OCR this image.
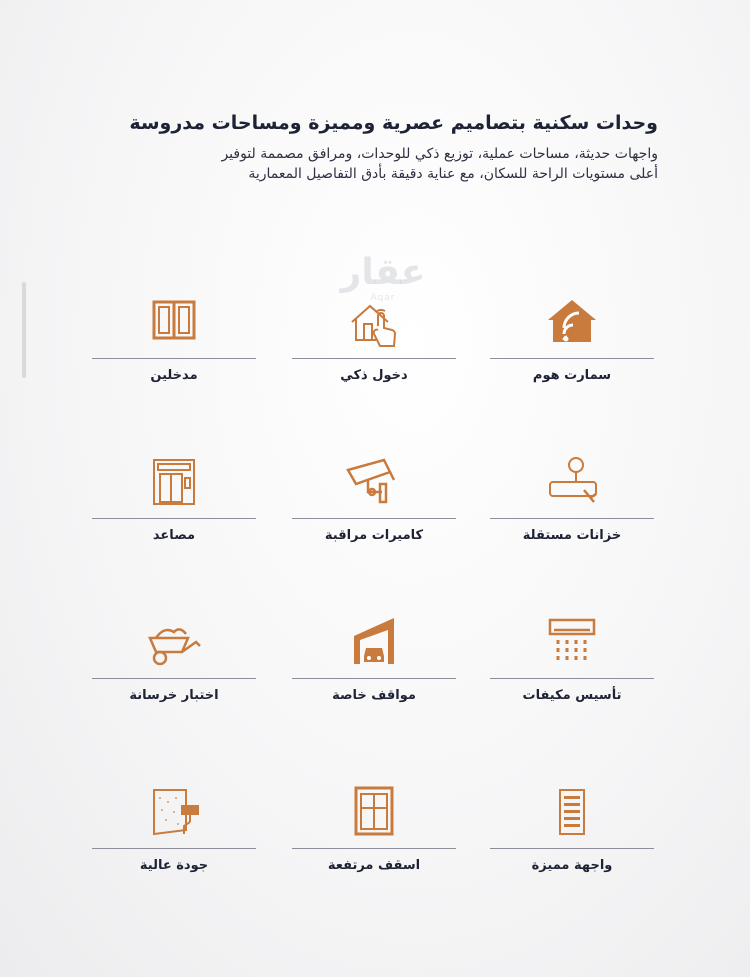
عقار
Aqar

وحدات سكنية بتصاميم عصرية ومميزة ومساحات مدروسة

واجهات حديثة، مساحات عملية، توزيع ذكي للوحدات، ومرافق مصممة لتوفير
أعلى مستويات الراحة للسكان، مع عناية دقيقة بأدق التفاصيل المعمارية

سمارت هوم
دخول ذكي
مدخلين
خزانات مستقلة
كاميرات مراقبة
مصاعد
تأسيس مكيفات
مواقف خاصة
اختبار خرسانة
واجهة مميزة
اسقف مرتفعة
جودة عالية
